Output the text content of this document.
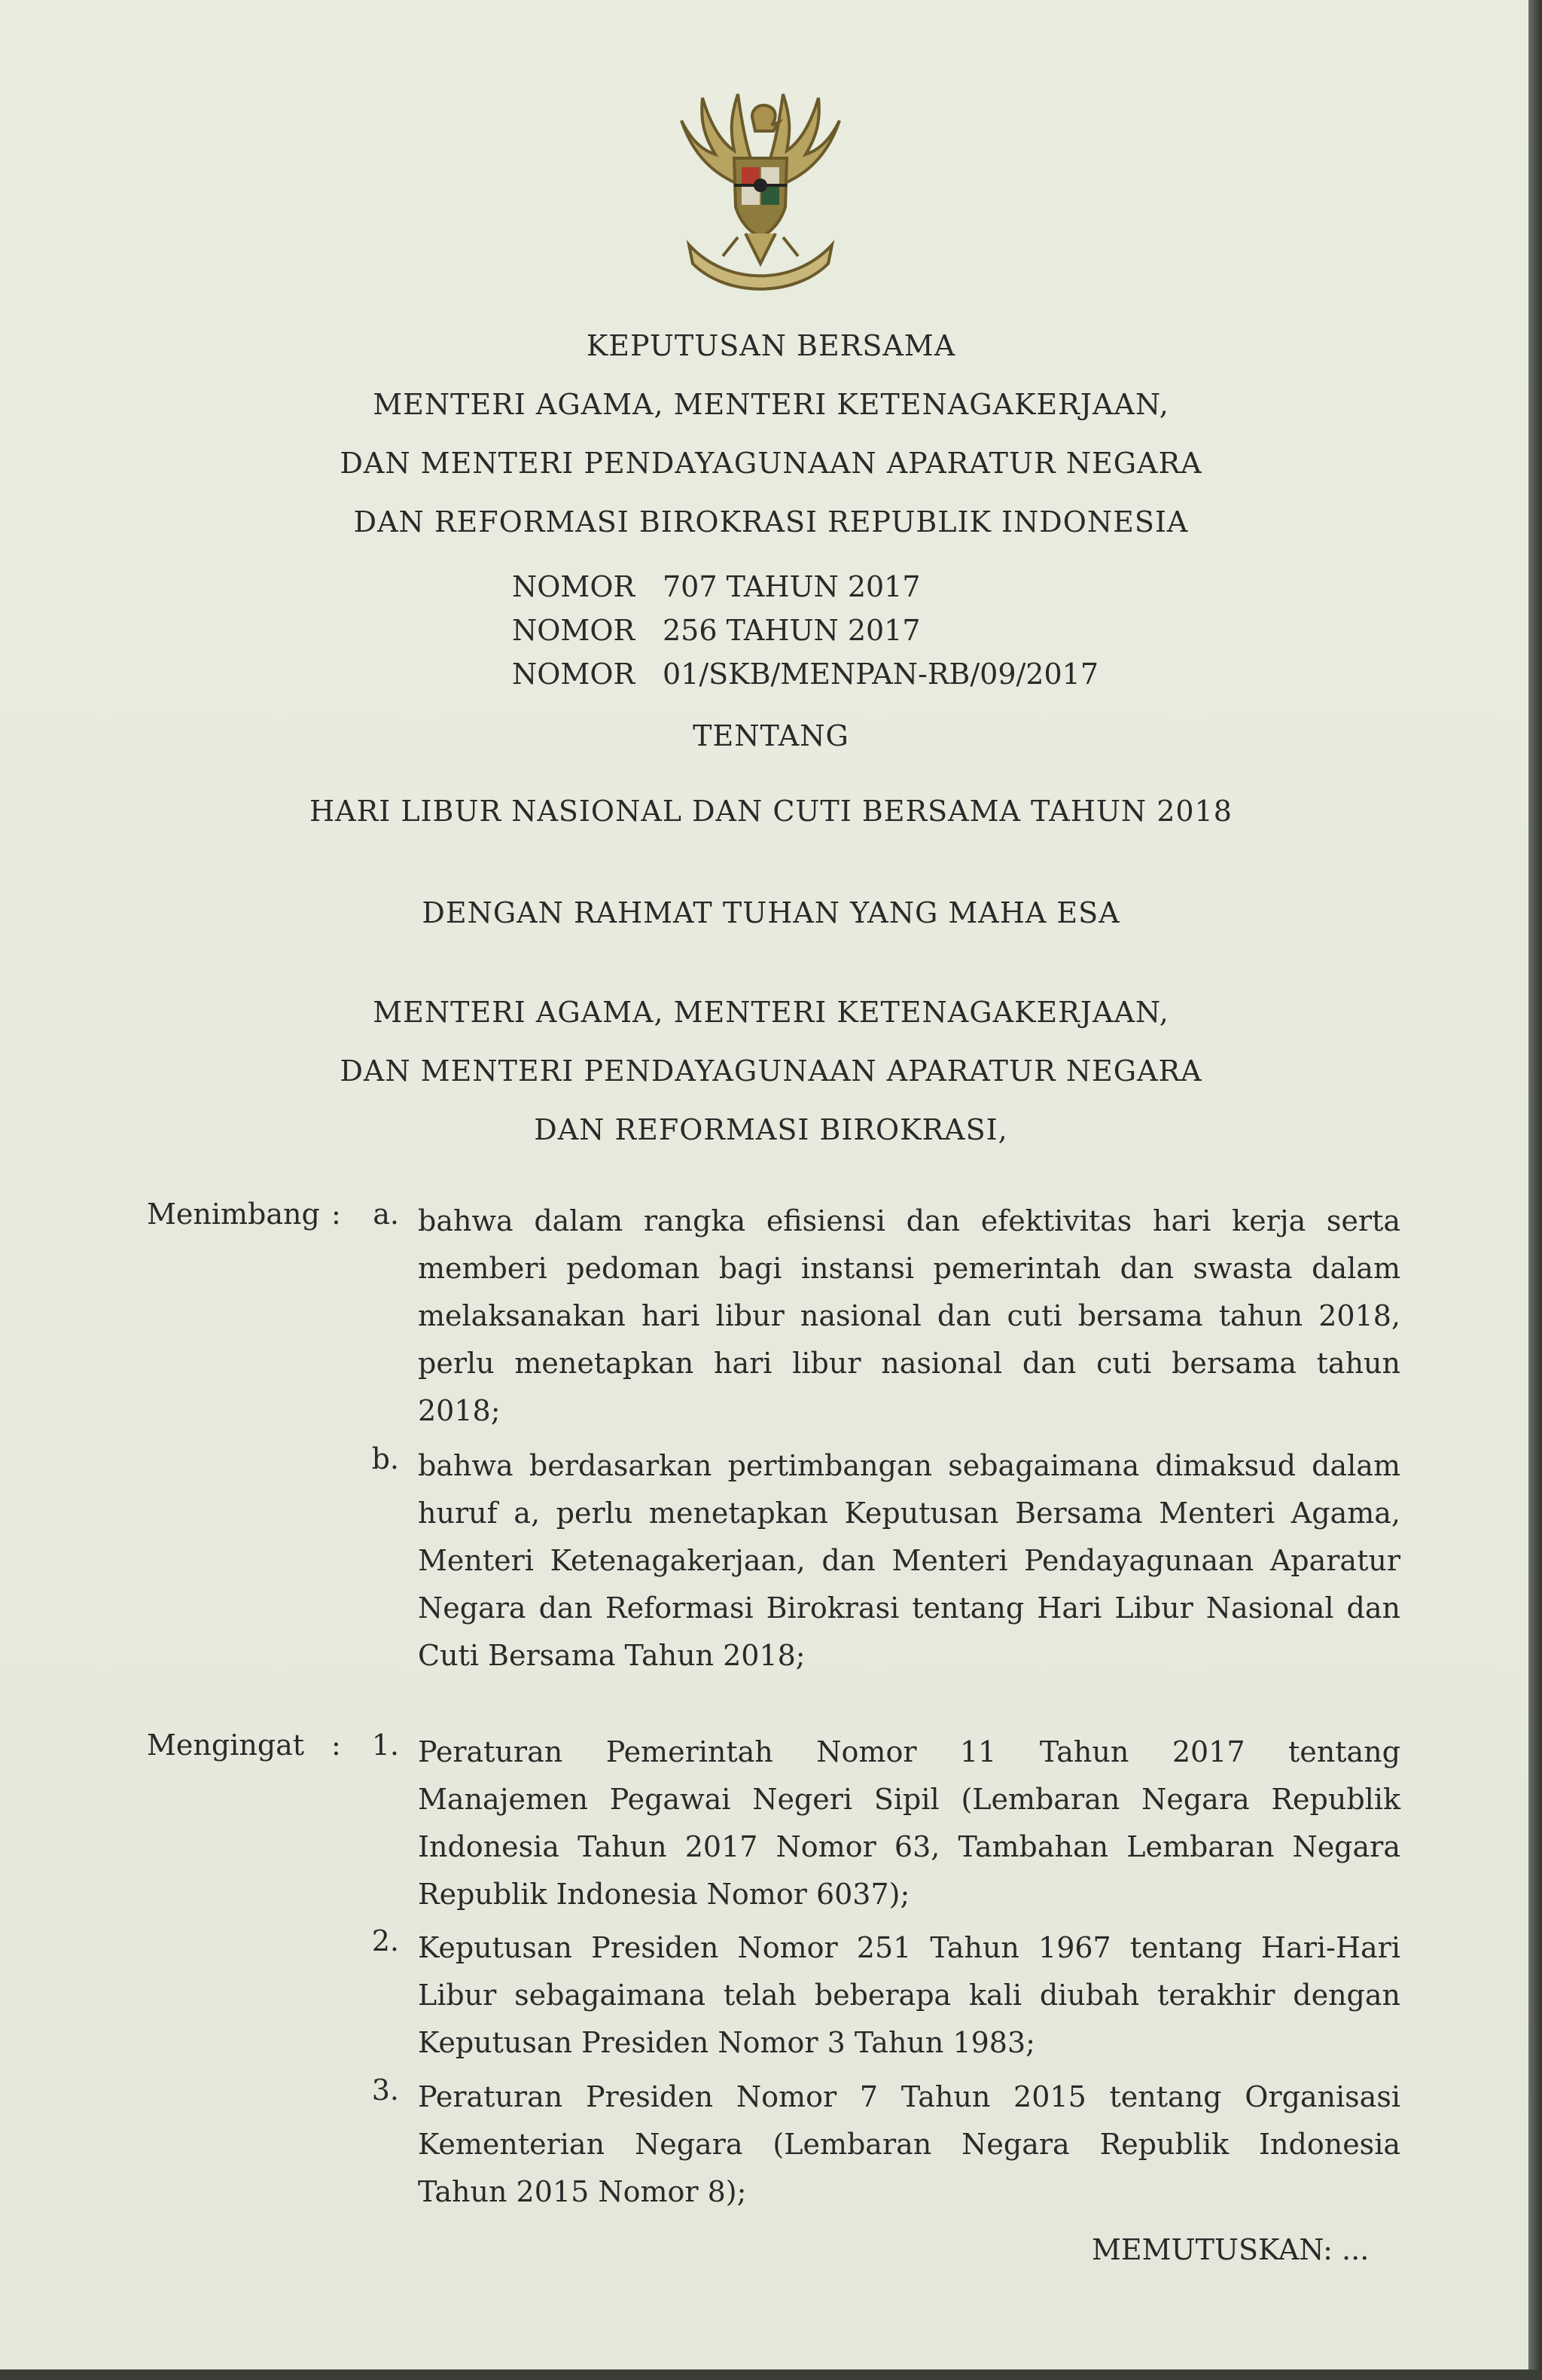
KEPUTUSAN BERSAMA
MENTERI AGAMA, MENTERI KETENAGAKERJAAN,
DAN MENTERI PENDAYAGUNAAN APARATUR NEGARA
DAN REFORMASI BIROKRASI REPUBLIK INDONESIA
NOMOR 707 TAHUN 2017
NOMOR 256 TAHUN 2017
NOMOR 01/SKB/MENPAN-RB/09/2017
TENTANG
HARI LIBUR NASIONAL DAN CUTI BERSAMA TAHUN 2018
DENGAN RAHMAT TUHAN YANG MAHA ESA
MENTERI AGAMA, MENTERI KETENAGAKERJAAN,
DAN MENTERI PENDAYAGUNAAN APARATUR NEGARA
DAN REFORMASI BIROKRASI,
Menimbang :	a. bahwa dalam rangka efisiensi dan efektivitas hari kerja serta
memberi pedoman bagi instansi pemerintah dan swasta dalam
melaksanakan hari libur nasional dan cuti bersama tahun 2018,
perlu menetapkan hari libur nasional dan cuti bersama tahun
2018;
b. bahwa berdasarkan pertimbangan sebagaimana dimaksud dalam
huruf a, perlu menetapkan Keputusan Bersama Menteri Agama,
Menteri Ketenagakerjaan, dan Menteri Pendayagunaan Aparatur
Negara dan Reformasi Birokrasi tentang Hari Libur Nasional dan
Cuti Bersama Tahun 2018;
Mengingat :	1. Peraturan Pemerintah Nomor 11 Tahun 2017 tentang
Manajemen Pegawai Negeri Sipil (Lembaran Negara Republik
Indonesia Tahun 2017 Nomor 63, Tambahan Lembaran Negara
Republik Indonesia Nomor 6037);
2. Keputusan Presiden Nomor 251 Tahun 1967 tentang Hari-Hari
Libur sebagaimana telah beberapa kali diubah terakhir dengan
Keputusan Presiden Nomor 3 Tahun 1983;
3. Peraturan Presiden Nomor 7 Tahun 2015 tentang Organisasi
Kementerian Negara (Lembaran Negara Republik Indonesia
Tahun 2015 Nomor 8);
MEMUTUSKAN: ...
